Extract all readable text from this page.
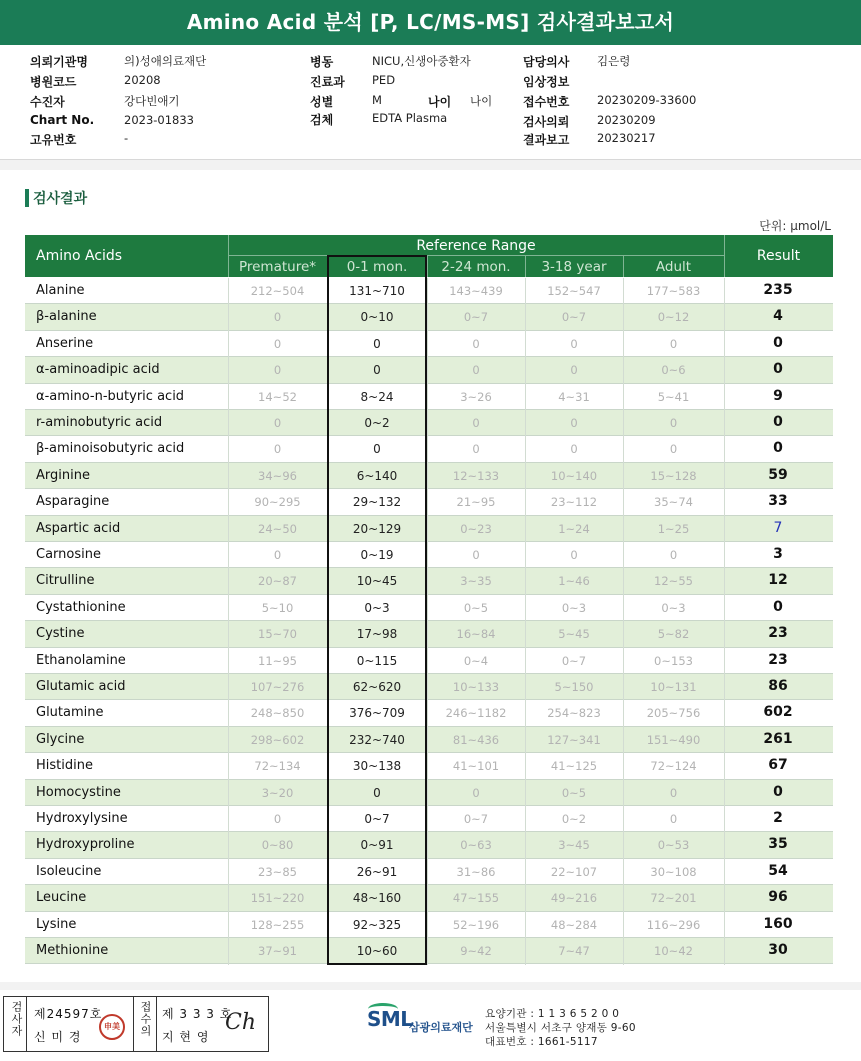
Amino Acid 분석 [P, LC/MS-MS] 검사결과보고서
의뢰기관명	의)성애의료재단
병원코드	20208
수진자	강다빈애기
Chart No.	2023-01833
고유번호	-
병동	NICU,신생아중환자
진료과 PED
성별	M
검체	EDTA Plasma
나이 나이
담당의사 김은령
임상정보
접수번호 20230209-33600
검사의뢰 20230209
결과보고 20230217
검사결과
단위: μmol/L
Amino Acids
Reference Range
Result
Premature*	0-1 mon.	2-24 mon.	3-18 year	Adult
Alanine	212~504	131~710	143~439	152~547	177~583	235
β-alanine	0	0~10	0~7	0~7	0~12	4
Anserine	0	0	0	0	0	0
α-aminoadipic acid	0	0	0	0	0~6	0
α-amino-n-butyric acid	14~52	8~24	3~26	4~31	5~41	9
r-aminobutyric acid	0	0~2	0	0	0	0
β-aminoisobutyric acid	0	0	0	0	0	0
Arginine	34~96	6~140	12~133	10~140	15~128	59
Asparagine	90~295	29~132	21~95	23~112	35~74	33
Aspartic acid	24~50	20~129	0~23	1~24	1~25	7
Carnosine	0	0~19	0	0	0	3
Citrulline	20~87	10~45	3~35	1~46	12~55	12
Cystathionine	5~10	0~3	0~5	0~3	0~3	0
Cystine	15~70	17~98	16~84	5~45	5~82	23
Ethanolamine	11~95	0~115	0~4	0~7	0~153	23
Glutamic acid	107~276	62~620	10~133	5~150	10~131	86
Glutamine	248~850	376~709	246~1182	254~823	205~756	602
Glycine	298~602	232~740	81~436	127~341	151~490	261
Histidine	72~134	30~138	41~101	41~125	72~124	67
Homocystine	3~20	0	0	0~5	0	0
Hydroxylysine	0	0~7	0~7	0~2	0	2
Hydroxyproline	0~80	0~91	0~63	3~45	0~53	35
Isoleucine	23~85	26~91	31~86	22~107	30~108	54
Leucine	151~220	48~160	47~155	49~216	72~201	96
Lysine	128~255	92~325	52~196	48~284	116~296	160
Methionine	37~91	10~60	9~42	7~47	10~42	30
검사자 제24597호
신 미 경	접수의 제 3 3 3 호
지 현 영
申美	Ch	SML
삼광의료재단
요양기관 : 1 1 3 6 5 2 0 0
서울특별시 서초구 양재동 9-60
대표번호 : 1661-5117
